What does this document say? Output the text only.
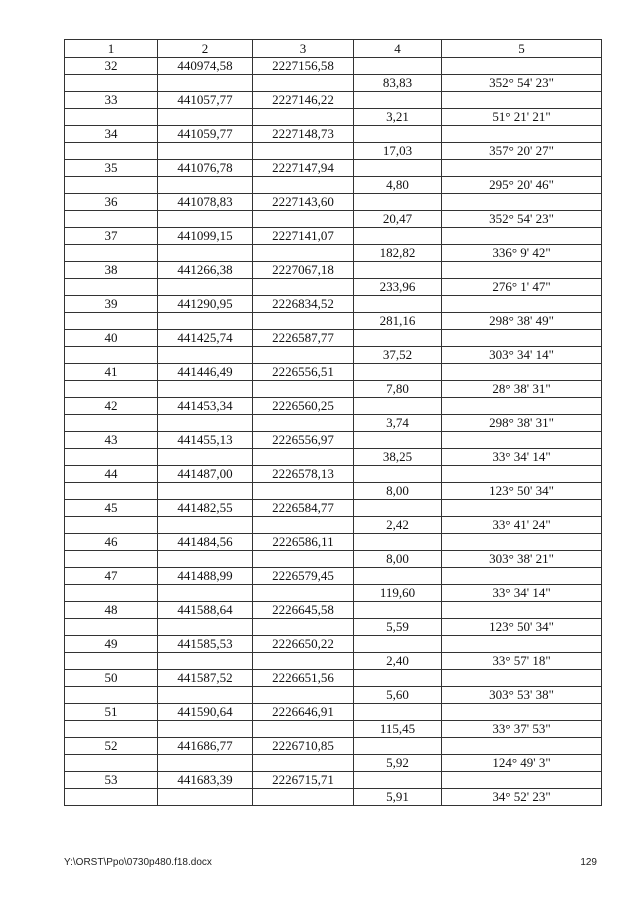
1	2	3	4	5
32	440974,58	2227156,58		
			83,83	352° 54' 23"
33	441057,77	2227146,22		
			3,21	51° 21' 21"
34	441059,77	2227148,73		
			17,03	357° 20' 27"
35	441076,78	2227147,94		
			4,80	295° 20' 46"
36	441078,83	2227143,60		
			20,47	352° 54' 23"
37	441099,15	2227141,07		
			182,82	336° 9' 42"
38	441266,38	2227067,18		
			233,96	276° 1' 47"
39	441290,95	2226834,52		
			281,16	298° 38' 49"
40	441425,74	2226587,77		
			37,52	303° 34' 14"
41	441446,49	2226556,51		
			7,80	28° 38' 31"
42	441453,34	2226560,25		
			3,74	298° 38' 31"
43	441455,13	2226556,97		
			38,25	33° 34' 14"
44	441487,00	2226578,13		
			8,00	123° 50' 34"
45	441482,55	2226584,77		
			2,42	33° 41' 24"
46	441484,56	2226586,11		
			8,00	303° 38' 21"
47	441488,99	2226579,45		
			119,60	33° 34' 14"
48	441588,64	2226645,58		
			5,59	123° 50' 34"
49	441585,53	2226650,22		
			2,40	33° 57' 18"
50	441587,52	2226651,56		
			5,60	303° 53' 38"
51	441590,64	2226646,91		
			115,45	33° 37' 53"
52	441686,77	2226710,85		
			5,92	124° 49' 3"
53	441683,39	2226715,71		
			5,91	34° 52' 23"
Y:\ORST\Ppo\0730p480.f18.docx	129
